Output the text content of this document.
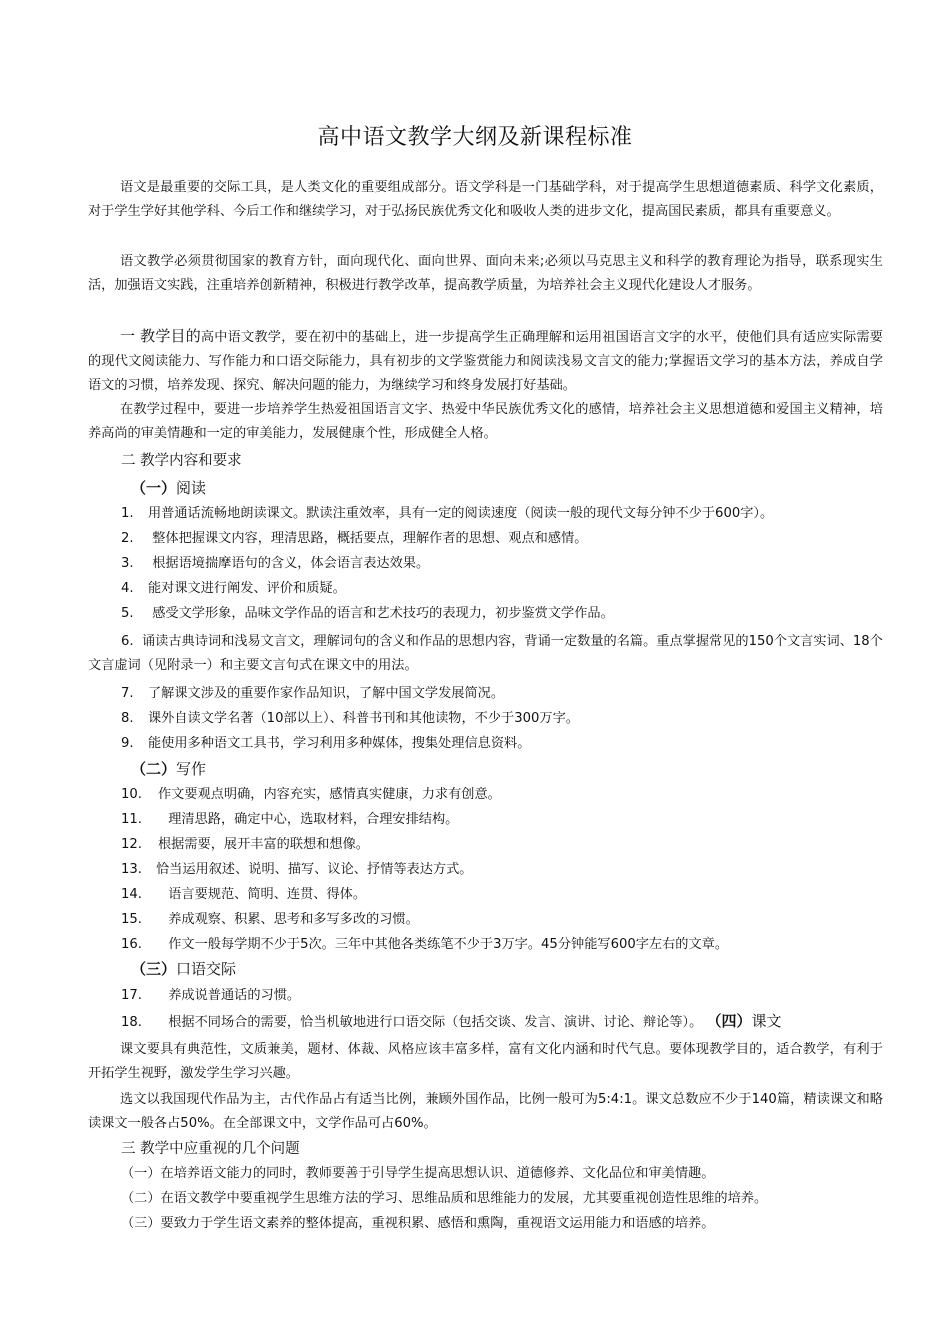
高中语文教学大纲及新课程标准

语文是最重要的交际工具，是人类文化的重要组成部分。语文学科是一门基础学科，对于提高学生思想道德素质、科学文化素质，对于学生学好其他学科、今后工作和继续学习，对于弘扬民族优秀文化和吸收人类的进步文化，提高国民素质，都具有重要意义。

语文教学必须贯彻国家的教育方针，面向现代化、面向世界、面向未来;必须以马克思主义和科学的教育理论为指导，联系现实生活，加强语文实践，注重培养创新精神，积极进行教学改革，提高教学质量，为培养社会主义现代化建设人才服务。

一 教学目的高中语文教学，要在初中的基础上，进一步提高学生正确理解和运用祖国语言文字的水平，使他们具有适应实际需要的现代文阅读能力、写作能力和口语交际能力，具有初步的文学鉴赏能力和阅读浅易文言文的能力;掌握语文学习的基本方法，养成自学语文的习惯，培养发现、探究、解决问题的能力，为继续学习和终身发展打好基础。

在教学过程中，要进一步培养学生热爱祖国语言文字、热爱中华民族优秀文化的感情，培养社会主义思想道德和爱国主义精神，培养高尚的审美情趣和一定的审美能力，发展健康个性，形成健全人格。

二 教学内容和要求
（一）阅读
1. 用普通话流畅地朗读课文。默读注重效率，具有一定的阅读速度（阅读一般的现代文每分钟不少于600字）。
2. 整体把握课文内容，理清思路，概括要点，理解作者的思想、观点和感情。
3. 根据语境揣摩语句的含义，体会语言表达效果。
4. 能对课文进行阐发、评价和质疑。
5. 感受文学形象，品味文学作品的语言和艺术技巧的表现力，初步鉴赏文学作品。

6. 诵读古典诗词和浅易文言文，理解词句的含义和作品的思想内容，背诵一定数量的名篇。重点掌握常见的150个文言实词、18个文言虚词（见附录一）和主要文言句式在课文中的用法。

7. 了解课文涉及的重要作家作品知识，了解中国文学发展简况。
8. 课外自读文学名著（10部以上）、科普书刊和其他读物，不少于300万字。
9. 能使用多种语文工具书，学习利用多种媒体，搜集处理信息资料。
（二）写作
10. 作文要观点明确，内容充实，感情真实健康，力求有创意。
11. 理清思路，确定中心，选取材料，合理安排结构。
12. 根据需要，展开丰富的联想和想像。
13. 恰当运用叙述、说明、描写、议论、抒情等表达方式。
14. 语言要规范、简明、连贯、得体。
15. 养成观察、积累、思考和多写多改的习惯。
16. 作文一般每学期不少于5次。三年中其他各类练笔不少于3万字。45分钟能写600字左右的文章。
（三）口语交际
17. 养成说普通话的习惯。
18. 根据不同场合的需要，恰当机敏地进行口语交际（包括交谈、发言、演讲、讨论、辩论等）。 （四）课文

课文要具有典范性，文质兼美，题材、体裁、风格应该丰富多样，富有文化内涵和时代气息。要体现教学目的，适合教学，有利于开拓学生视野，激发学生学习兴趣。

选文以我国现代作品为主，古代作品占有适当比例，兼顾外国作品，比例一般可为5:4:1。课文总数应不少于140篇，精读课文和略读课文一般各占50%。在全部课文中，文学作品可占60%。

三 教学中应重视的几个问题
（一）在培养语文能力的同时，教师要善于引导学生提高思想认识、道德修养、文化品位和审美情趣。
（二）在语文教学中要重视学生思维方法的学习、思维品质和思维能力的发展，尤其要重视创造性思维的培养。
（三）要致力于学生语文素养的整体提高，重视积累、感悟和熏陶，重视语文运用能力和语感的培养。
